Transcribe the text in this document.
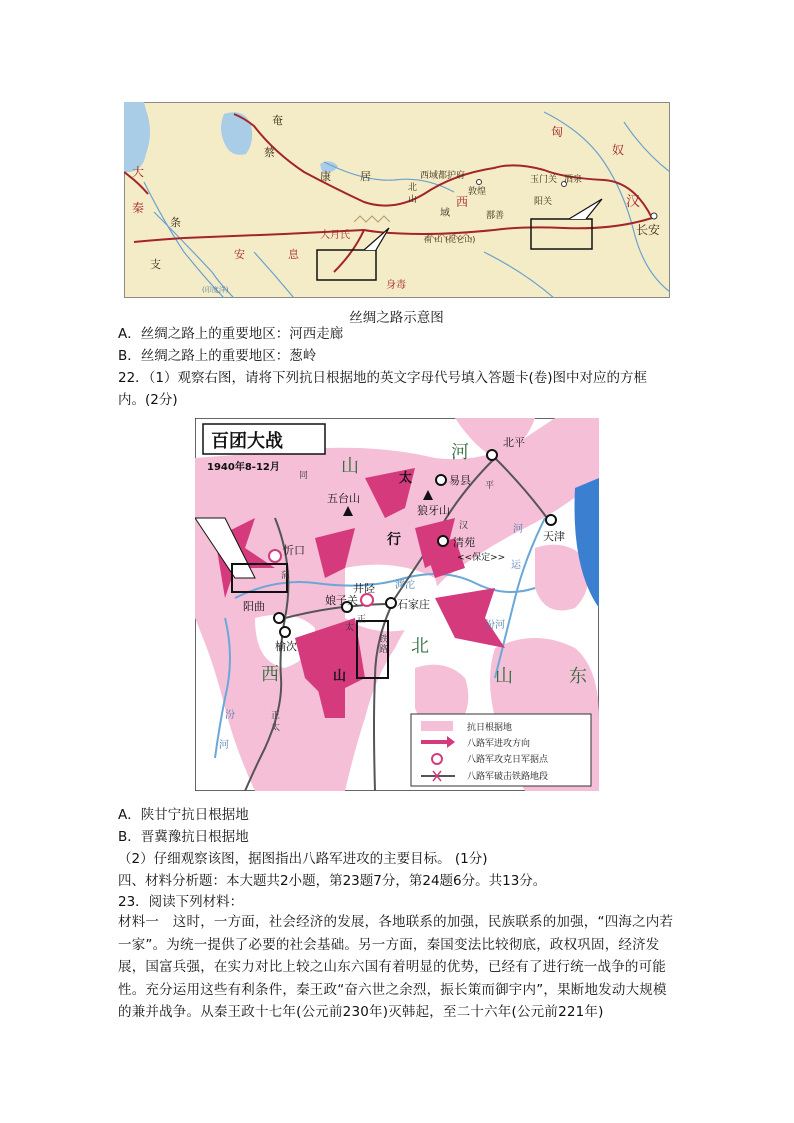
奄
蔡
康	居
匈
奴
大
秦
条
支
安	息
大月氏
身毒
西域都护府
北
山	西
域
敦煌
玉门关 酒泉
阳关
鄯善
汉
长安
南 山 (昆仑山)
(印度洋)
丝绸之路示意图
A．丝绸之路上的重要地区：河西走廊
B．丝绸之路上的重要地区：葱岭
22．（1）观察右图，请将下列抗日根据地的英文字母代号填入答题卡(卷)图中对应的方框
内。(2分)
百团大战
1940年8-12月
北平
天津
易县
狼牙山
五台山
忻口
清苑
<<保定>>
井陉
娘子关	石家庄
阳曲
榆次
山
太
河
行
山
西
北
山	东
汾
河
运
河
滹沱
汾河
平
汉
同
蒲
正
太
铁
路
正
太	抗日根据地
八路军进攻方向
八路军攻克日军据点
八路军破击铁路地段
A．陕甘宁抗日根据地
B．晋冀豫抗日根据地
（2）仔细观察该图，据图指出八路军进攻的主要目标。 (1分)
四、材料分析题：本大题共2小题，第23题7分，第24题6分。共13分。
23．阅读下列材料：
材料一　这时，一方面，社会经济的发展，各地联系的加强，民族联系的加强，“四海之内若一家”。为统一提供了必要的社会基础。另一方面，秦国变法比较彻底，政权巩固，经济发展，国富兵强，在实力对比上较之山东六国有着明显的优势，已经有了进行统一战争的可能性。充分运用这些有利条件，秦王政“奋六世之余烈，振长策而御宇内”，果断地发动大规模的兼并战争。从秦王政十七年(公元前230年)灭韩起，至二十六年(公元前221年)
